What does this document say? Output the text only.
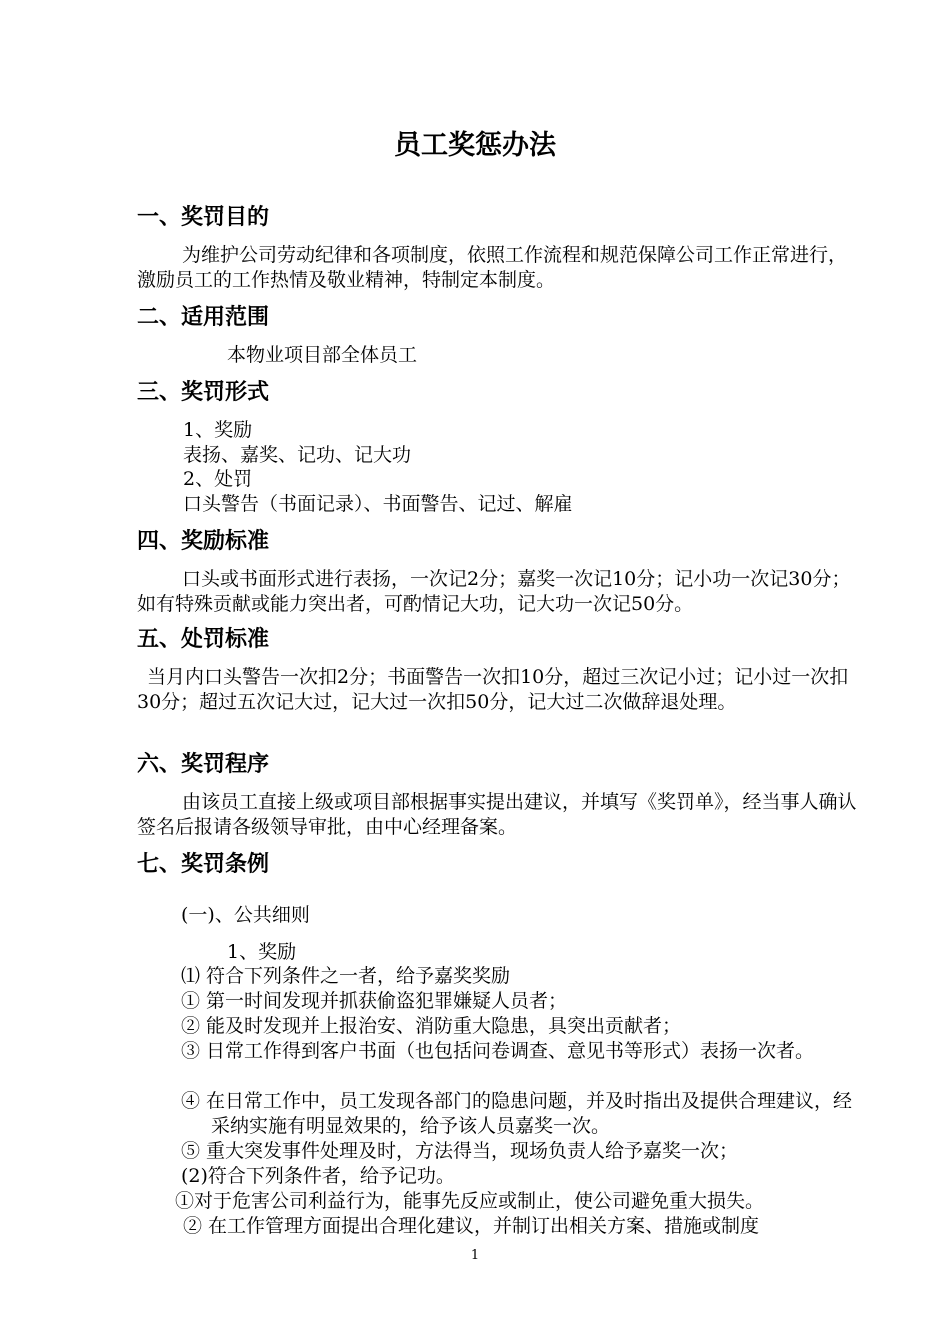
员工奖惩办法
一、奖罚目的
为维护公司劳动纪律和各项制度，依照工作流程和规范保障公司工作正常进行，激励员工的工作热情及敬业精神，特制定本制度。
二、适用范围
本物业项目部全体员工
三、奖罚形式
1、奖励
表扬、嘉奖、记功、记大功
2、处罚
口头警告（书面记录）、书面警告、记过、解雇
四、奖励标准
口头或书面形式进行表扬，一次记2分；嘉奖一次记10分；记小功一次记30分；如有特殊贡献或能力突出者，可酌情记大功，记大功一次记50分。
五、处罚标准
当月内口头警告一次扣2分；书面警告一次扣10分，超过三次记小过；记小过一次扣30分；超过五次记大过，记大过一次扣50分，记大过二次做辞退处理。
六、奖罚程序
由该员工直接上级或项目部根据事实提出建议，并填写《奖罚单》，经当事人确认签名后报请各级领导审批，由中心经理备案。
七、奖罚条例
(一)、公共细则
1、奖励
⑴ 符合下列条件之一者，给予嘉奖奖励
① 第一时间发现并抓获偷盗犯罪嫌疑人员者；
② 能及时发现并上报治安、消防重大隐患，具突出贡献者；
③ 日常工作得到客户书面（也包括问卷调查、意见书等形式）表扬一次者。
④ 在日常工作中，员工发现各部门的隐患问题，并及时指出及提供合理建议，经采纳实施有明显效果的，给予该人员嘉奖一次。
⑤ 重大突发事件处理及时，方法得当，现场负责人给予嘉奖一次；
(2)符合下列条件者，给予记功。
①对于危害公司利益行为，能事先反应或制止，使公司避免重大损失。
② 在工作管理方面提出合理化建议，并制订出相关方案、措施或制度
1
